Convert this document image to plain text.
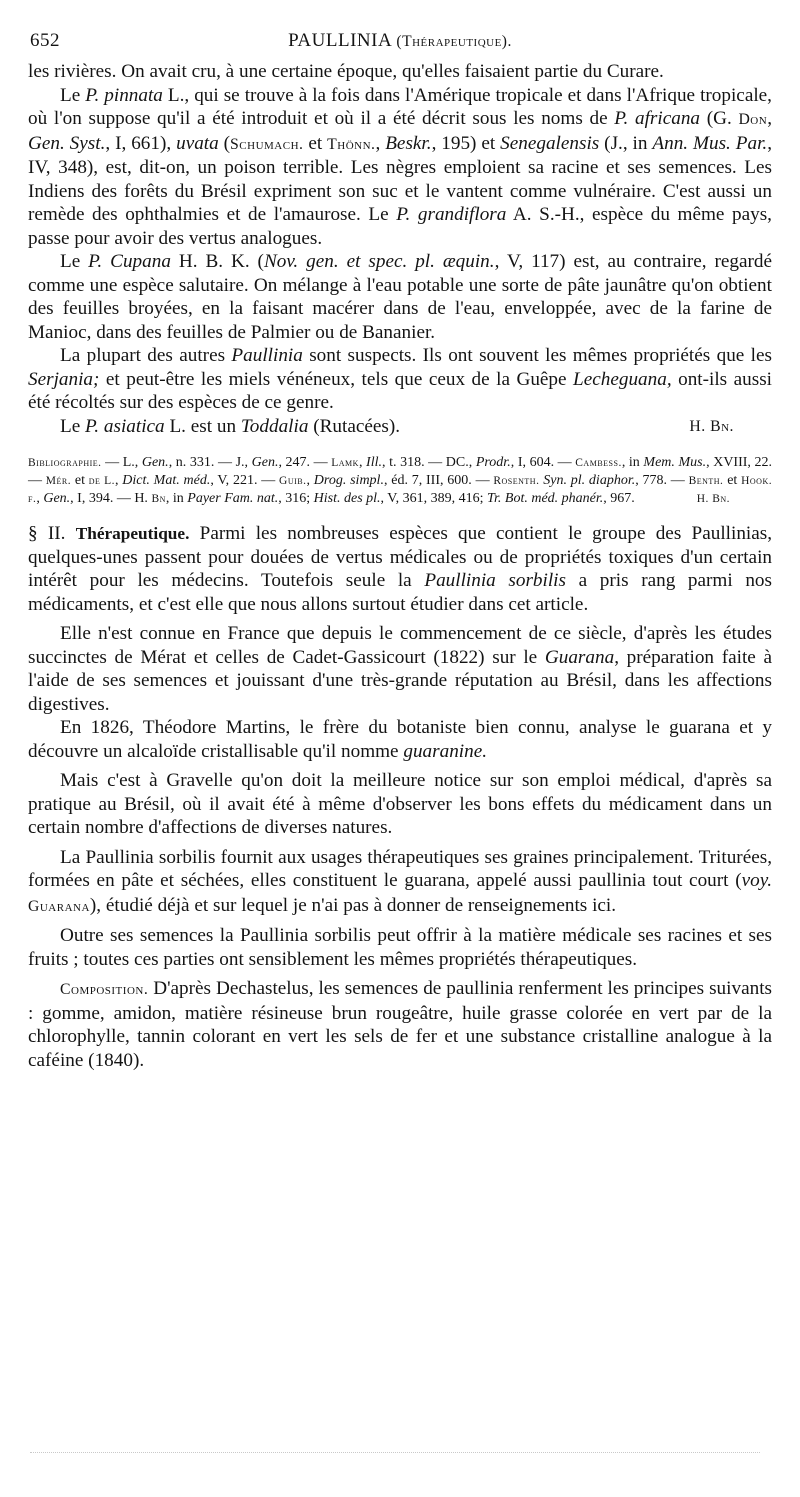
652	PAULLINIA (Thérapeutique).

les rivières. On avait cru, à une certaine époque, qu'elles faisaient partie du Curare.

Le P. pinnata L., qui se trouve à la fois dans l'Amérique tropicale et dans l'Afrique tropicale, où l'on suppose qu'il a été introduit et où il a été décrit sous les noms de P. africana (G. Don, Gen. Syst., I, 661), uvata (Schumach. et Thönn., Beskr., 195) et Senegalensis (J., in Ann. Mus. Par., IV, 348), est, dit-on, un poison terrible. Les nègres emploient sa racine et ses semences. Les Indiens des forêts du Brésil expriment son suc et le vantent comme vulnéraire. C'est aussi un remède des ophthalmies et de l'amaurose. Le P. grandiflora A. S.-H., espèce du même pays, passe pour avoir des vertus analogues.

Le P. Cupana H. B. K. (Nov. gen. et spec. pl. æquin., V, 117) est, au contraire, regardé comme une espèce salutaire. On mélange à l'eau potable une sorte de pâte jaunâtre qu'on obtient des feuilles broyées, en la faisant macérer dans de l'eau, enveloppée, avec de la farine de Manioc, dans des feuilles de Palmier ou de Bananier.

La plupart des autres Paullinia sont suspects. Ils ont souvent les mêmes propriétés que les Serjania; et peut-être les miels vénéneux, tels que ceux de la Guêpe Lecheguana, ont-ils aussi été récoltés sur des espèces de ce genre.

Le P. asiatica L. est un Toddalia (Rutacées).	H. Bn.

Bibliographie. — L., Gen., n. 331. — J., Gen., 247. — Lamk, Ill., t. 318. — DC., Prodr., I, 604. — Cambess., in Mem. Mus., XVIII, 22. — Mér. et de L., Dict. Mat. méd., V, 221. — Guib., Drog. simpl., éd. 7, III, 600. — Rosenth. Syn. pl. diaphor., 778. — Benth. et Hook. f., Gen., I, 394. — H. Bn, in Payer Fam. nat., 316; Hist. des pl., V, 361, 389, 416; Tr. Bot. méd. phanér., 967.	H. Bn.

§ II. Thérapeutique. Parmi les nombreuses espèces que contient le groupe des Paullinias, quelques-unes passent pour douées de vertus médicales ou de propriétés toxiques d'un certain intérêt pour les médecins. Toutefois seule la Paullinia sorbilis a pris rang parmi nos médicaments, et c'est elle que nous allons surtout étudier dans cet article.

Elle n'est connue en France que depuis le commencement de ce siècle, d'après les études succinctes de Mérat et celles de Cadet-Gassicourt (1822) sur le Guarana, préparation faite à l'aide de ses semences et jouissant d'une très-grande réputation au Brésil, dans les affections digestives.

En 1826, Théodore Martins, le frère du botaniste bien connu, analyse le guarana et y découvre un alcaloïde cristallisable qu'il nomme guaranine.

Mais c'est à Gravelle qu'on doit la meilleure notice sur son emploi médical, d'après sa pratique au Brésil, où il avait été à même d'observer les bons effets du médicament dans un certain nombre d'affections de diverses natures.

La Paullinia sorbilis fournit aux usages thérapeutiques ses graines principalement. Triturées, formées en pâte et séchées, elles constituent le guarana, appelé aussi paullinia tout court (voy. Guarana), étudié déjà et sur lequel je n'ai pas à donner de renseignements ici.

Outre ses semences la Paullinia sorbilis peut offrir à la matière médicale ses racines et ses fruits ; toutes ces parties ont sensiblement les mêmes propriétés thérapeutiques.

Composition. D'après Dechastelus, les semences de paullinia renferment les principes suivants : gomme, amidon, matière résineuse brun rougeâtre, huile grasse colorée en vert par de la chlorophylle, tannin colorant en vert les sels de fer et une substance cristalline analogue à la caféine (1840).
